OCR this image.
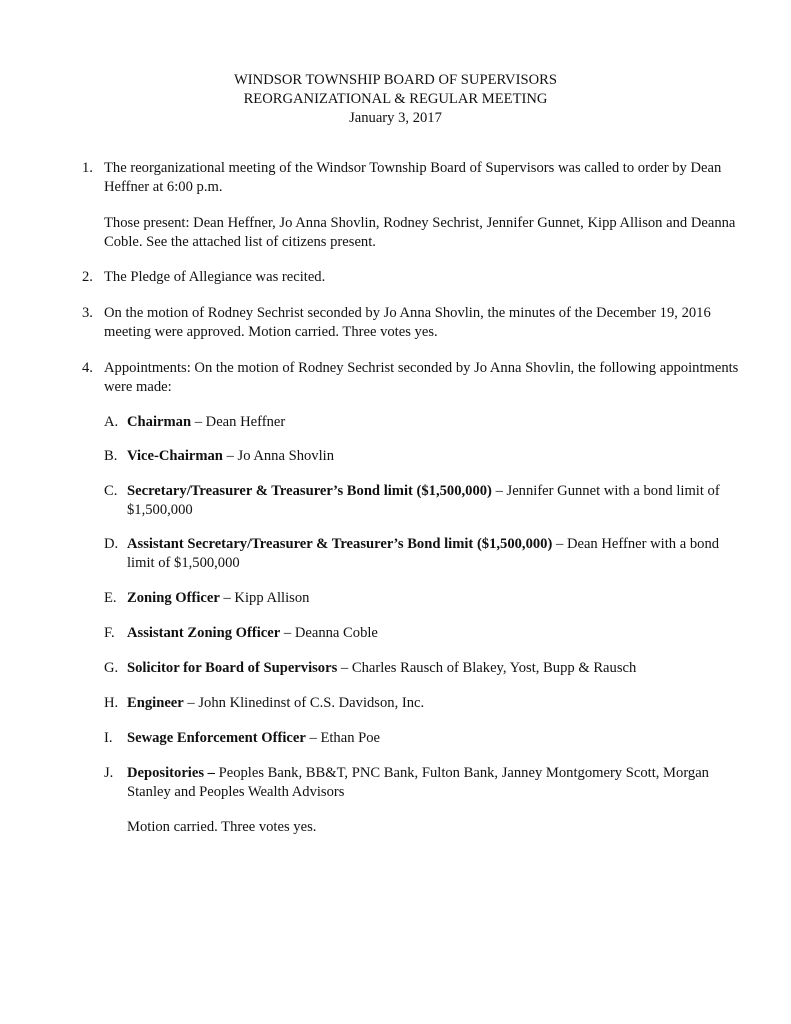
WINDSOR TOWNSHIP BOARD OF SUPERVISORS
REORGANIZATIONAL & REGULAR MEETING
January 3, 2017
1. The reorganizational meeting of the Windsor Township Board of Supervisors was called to order by Dean Heffner at 6:00 p.m.
Those present: Dean Heffner, Jo Anna Shovlin, Rodney Sechrist, Jennifer Gunnet, Kipp Allison and Deanna Coble. See the attached list of citizens present.
2. The Pledge of Allegiance was recited.
3. On the motion of Rodney Sechrist seconded by Jo Anna Shovlin, the minutes of the December 19, 2016 meeting were approved. Motion carried. Three votes yes.
4. Appointments: On the motion of Rodney Sechrist seconded by Jo Anna Shovlin, the following appointments were made:
A. Chairman – Dean Heffner
B. Vice-Chairman – Jo Anna Shovlin
C. Secretary/Treasurer & Treasurer’s Bond limit ($1,500,000) – Jennifer Gunnet with a bond limit of $1,500,000
D. Assistant Secretary/Treasurer & Treasurer’s Bond limit ($1,500,000) – Dean Heffner with a bond limit of $1,500,000
E. Zoning Officer – Kipp Allison
F. Assistant Zoning Officer – Deanna Coble
G. Solicitor for Board of Supervisors – Charles Rausch of Blakey, Yost, Bupp & Rausch
H. Engineer – John Klinedinst of C.S. Davidson, Inc.
I. Sewage Enforcement Officer – Ethan Poe
J. Depositories – Peoples Bank, BB&T, PNC Bank, Fulton Bank, Janney Montgomery Scott, Morgan Stanley and Peoples Wealth Advisors
Motion carried. Three votes yes.
